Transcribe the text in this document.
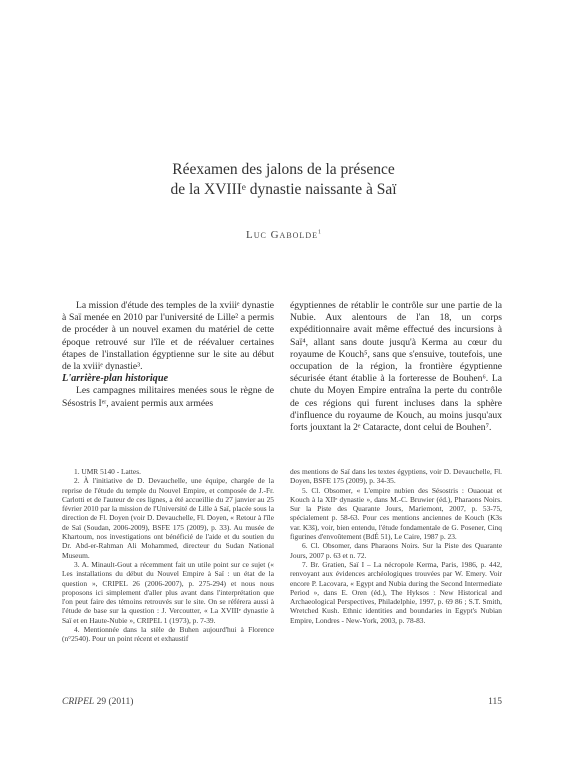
Réexamen des jalons de la présence
de la XVIIIᵉ dynastie naissante à Saï
Luc Gabolde$^1$

La mission d'étude des temples de la xviiiᵉ dynastie à Saï menée en 2010 par l'université de Lille² a permis de procéder à un nouvel examen du matériel de cette époque retrouvé sur l'île et de réévaluer certaines étapes de l'installation égyptienne sur le site au début de la xviiiᵉ dynastie³.

L'arrière-plan historique

Les campagnes militaires menées sous le règne de Sésostris Iᵉʳ, avaient permis aux armées

égyptiennes de rétablir le contrôle sur une partie de la Nubie. Aux alentours de l'an 18, un corps expéditionnaire avait même effectué des incursions à Saï⁴, allant sans doute jusqu'à Kerma au cœur du royaume de Kouch⁵, sans que s'ensuive, toutefois, une occupation de la région, la frontière égyptienne sécurisée étant établie à la forteresse de Bouhen⁶. La chute du Moyen Empire entraîna la perte du contrôle de ces régions qui furent incluses dans la sphère d'influence du royaume de Kouch, au moins jusqu'aux forts jouxtant la 2ᵉ Cataracte, dont celui de Bouhen⁷.

1. UMR 5140 - Lattes.

2. À l'initiative de D. Devauchelle, une équipe, chargée de la reprise de l'étude du temple du Nouvel Empire, et composée de J.-Fr. Carlotti et de l'auteur de ces lignes, a été accueillie du 27 janvier au 25 février 2010 par la mission de l'Université de Lille à Saï, placée sous la direction de Fl. Doyen (voir D. Devauchelle, Fl. Doyen, « Retour à l'île de Saï (Soudan, 2006-2009), BSFE 175 (2009), p. 33). Au musée de Khartoum, nos investigations ont bénéficié de l'aide et du soutien du Dr. Abd-er-Rahman Ali Mohammed, directeur du Sudan National Museum.

3. A. Minault-Gout a récemment fait un utile point sur ce sujet (« Les installations du début du Nouvel Empire à Saï : un état de la question », CRIPEL 26 (2006-2007), p. 275-294) et nous nous proposons ici simplement d'aller plus avant dans l'interprétation que l'on peut faire des témoins retrouvés sur le site. On se référera aussi à l'étude de base sur la question : J. Vercoutter, « La XVIIIᵉ dynastie à Saï et en Haute-Nubie », CRIPEL 1 (1973), p. 7-39.

4. Mentionnée dans la stèle de Buhen aujourd'hui à Florence (n°2540). Pour un point récent et exhaustif

des mentions de Saï dans les textes égyptiens, voir D. Devauchelle, Fl. Doyen, BSFE 175 (2009), p. 34-35.

5. Cl. Obsomer, « L'empire nubien des Sésostris : Ouaouat et Kouch à la XIIᵉ dynastie », dans M.-C. Bruwier (éd.), Pharaons Noirs. Sur la Piste des Quarante Jours, Mariemont, 2007, p. 53-75, spécialement p. 58-63. Pour ces mentions anciennes de Kouch (K3s var. K3š), voir, bien entendu, l'étude fondamentale de G. Posener, Cinq figurines d'envoûtement (BdÉ 51), Le Caire, 1987 p. 23.

6. Cl. Obsomer, dans Pharaons Noirs. Sur la Piste des Quarante Jours, 2007 p. 63 et n. 72.

7. Br. Gratien, Saï I – La nécropole Kerma, Paris, 1986, p. 442, renvoyant aux évidences archéologiques trouvées par W. Emery. Voir encore P. Lacovara, « Egypt and Nubia during the Second Intermediate Period », dans E. Oren (éd.), The Hyksos : New Historical and Archaeological Perspectives, Philadelphie, 1997, p. 69 86 ; S.T. Smith, Wretched Kush. Ethnic identities and boundaries in Egypt's Nubian Empire, Londres - New-York, 2003, p. 78-83.

CRIPEL 29 (2011)	115
